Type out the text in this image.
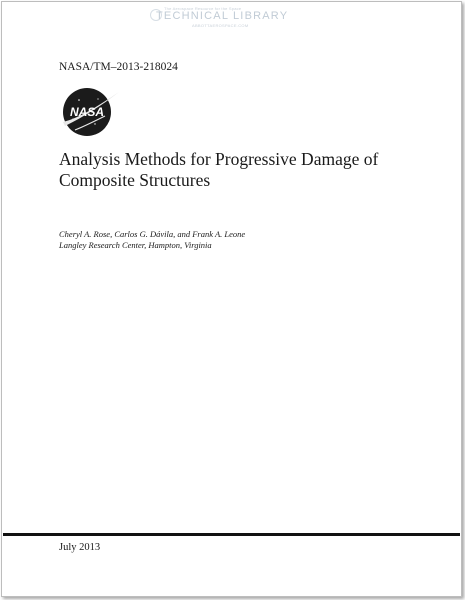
The Aerospace Resource for the Space
TECHNICAL LIBRARY
ABBOTTAEROSPACE.COM
NASA/TM–2013-218024
NASA
Analysis Methods for Progressive Damage of
Composite Structures
Cheryl A. Rose, Carlos G. Dávila, and Frank A. Leone
Langley Research Center, Hampton, Virginia
July 2013
